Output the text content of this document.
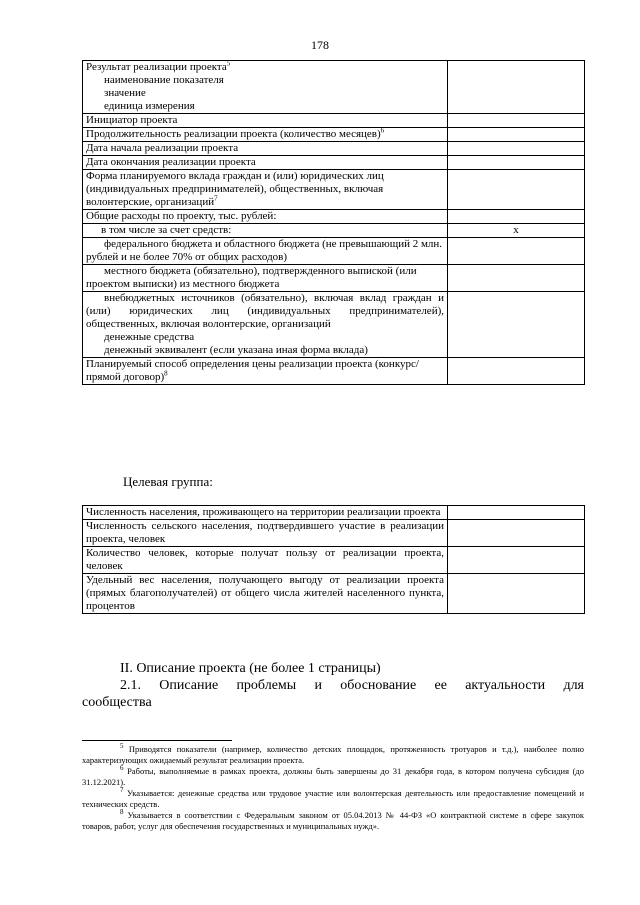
178
Результат реализации проекта$^5$
наименование показателя
значение
единица измерения	

Инициатор проекта	
Продолжительность реализации проекта (количество месяцев)$^6$	
Дата начала реализации проекта	
Дата окончания реализации проекта	
Форма планируемого вклада граждан и (или) юридических лиц (индивидуальных предпринимателей), общественных, включая волонтерские, организаций$^7$	
Общие расходы по проекту, тыс. рублей:	
в том числе за счет средств:	х

федерального бюджета и областного бюджета (не превышающий 2 млн. рублей и не более 70% от общих расходов)	

местного бюджета (обязательно), подтвержденного выпиской (или проектом выписки) из местного бюджета	

внебюджетных источников (обязательно), включая вклад граждан и (или) юридических лиц (индивидуальных предпринимателей), общественных, включая волонтерские, организаций
денежные средства
денежный эквивалент (если указана иная форма вклада)	

Планируемый способ определения цены реализации проекта (конкурс/ прямой договор)$^8$	
Целевая группа:
Численность населения, проживающего на территории реализации проекта	
Численность сельского населения, подтвердившего участие в реализации проекта, человек	
Количество человек, которые получат пользу от реализации проекта, человек	
Удельный вес населения, получающего выгоду от реализации проекта (прямых благополучателей) от общего числа жителей населенного пункта, процентов	

II. Описание проекта (не более 1 страницы)

2.1. Описание проблемы и обоснование ее актуальности для

сообщества

$^5$ Приводятся показатели (например, количество детских площадок, протяженность тротуаров и т.д.), наиболее полно характеризующих ожидаемый результат реализации проекта.

$^6$ Работы, выполняемые в рамках проекта, должны быть завершены до 31 декабря года, в котором получена субсидия (до 31.12.2021).

$^7$ Указывается: денежные средства или трудовое участие или волонтерская деятельность или предоставление помещений и технических средств.

$^8$ Указывается в соответствии с Федеральным законом от 05.04.2013 № 44-ФЗ «О контрактной системе в сфере закупок товаров, работ, услуг для обеспечения государственных и муниципальных нужд».
